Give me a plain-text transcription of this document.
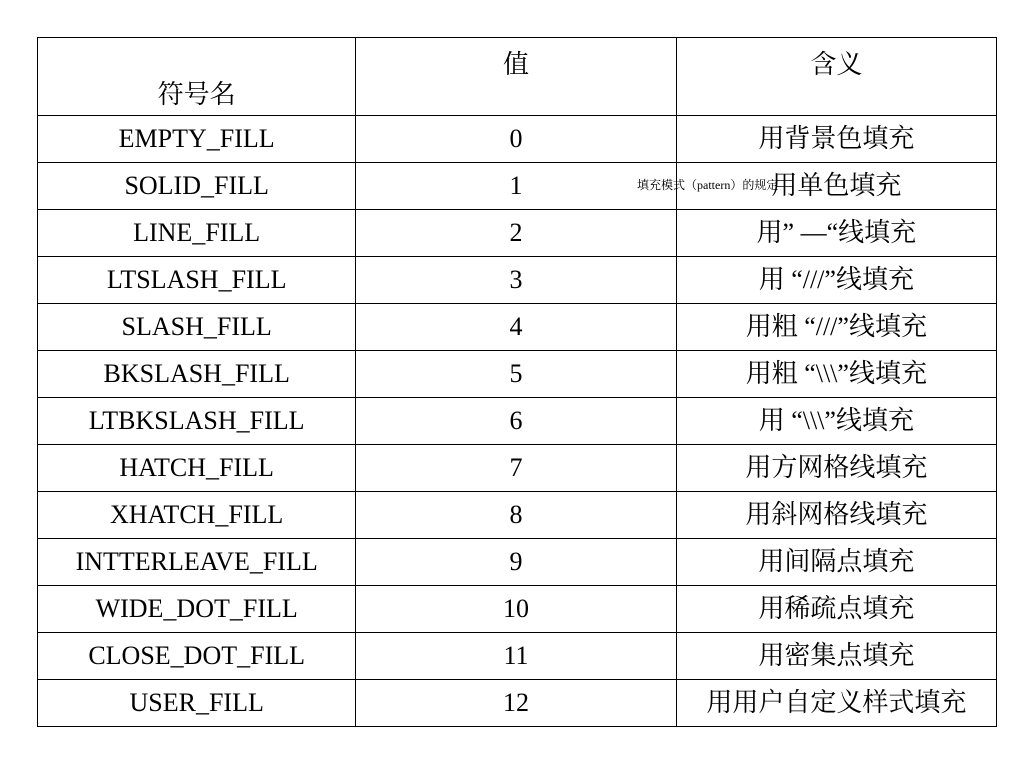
符号名	值	含义

EMPTY_FILL	0	用背景色填充
SOLID_FILL	1	用单色填充
LINE_FILL	2	用” —“线填充
LTSLASH_FILL	3	用 “///”线填充
SLASH_FILL	4	用粗 “///”线填充
BKSLASH_FILL	5	用粗 “\\\”线填充
LTBKSLASH_FILL	6	用 “\\\”线填充
HATCH_FILL	7	用方网格线填充
XHATCH_FILL	8	用斜网格线填充
INTTERLEAVE_FILL	9	用间隔点填充
WIDE_DOT_FILL	10	用稀疏点填充
CLOSE_DOT_FILL	11	用密集点填充
USER_FILL	12	用用户自定义样式填充
填充模式（pattern）的规定
